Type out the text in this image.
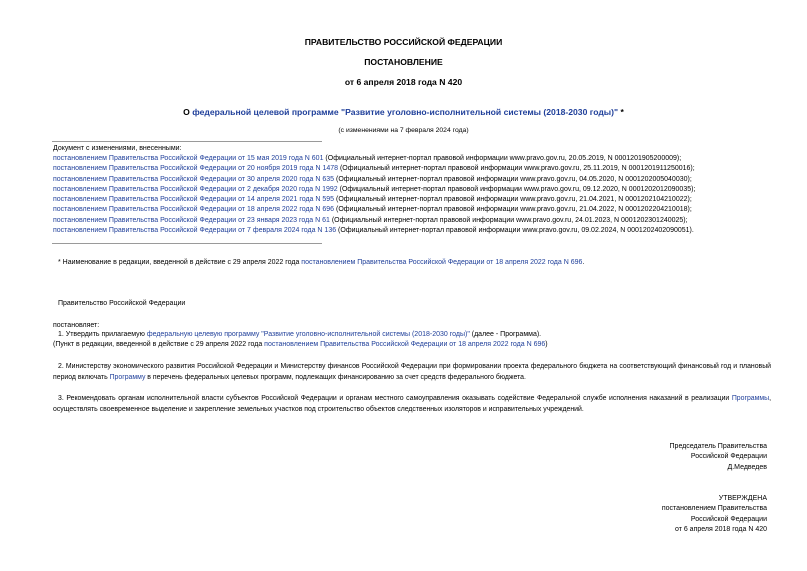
ПРАВИТЕЛЬСТВО РОССИЙСКОЙ ФЕДЕРАЦИИ
ПОСТАНОВЛЕНИЕ
от 6 апреля 2018 года N 420
О федеральной целевой программе "Развитие уголовно-исполнительной системы (2018-2030 годы)" *
(с изменениями на 7 февраля 2024 года)
Документ с изменениями, внесенными:
постановлением Правительства Российской Федерации от 15 мая 2019 года N 601 (Официальный интернет-портал правовой информации www.pravo.gov.ru, 20.05.2019, N 0001201905200009);
постановлением Правительства Российской Федерации от 20 ноября 2019 года N 1478 (Официальный интернет-портал правовой информации www.pravo.gov.ru, 25.11.2019, N 0001201911250016);
постановлением Правительства Российской Федерации от 30 апреля 2020 года N 635 (Официальный интернет-портал правовой информации www.pravo.gov.ru, 04.05.2020, N 0001202005040030);
постановлением Правительства Российской Федерации от 2 декабря 2020 года N 1992 (Официальный интернет-портал правовой информации www.pravo.gov.ru, 09.12.2020, N 0001202012090035);
постановлением Правительства Российской Федерации от 14 апреля 2021 года N 595 (Официальный интернет-портал правовой информации www.pravo.gov.ru, 21.04.2021, N 0001202104210022);
постановлением Правительства Российской Федерации от 18 апреля 2022 года N 696 (Официальный интернет-портал правовой информации www.pravo.gov.ru, 21.04.2022, N 0001202204210018);
постановлением Правительства Российской Федерации от 23 января 2023 года N 61 (Официальный интернет-портал правовой информации www.pravo.gov.ru, 24.01.2023, N 0001202301240025);
постановлением Правительства Российской Федерации от 7 февраля 2024 года N 136 (Официальный интернет-портал правовой информации www.pravo.gov.ru, 09.02.2024, N 0001202402090051).
* Наименование в редакции, введенной в действие с 29 апреля 2022 года постановлением Правительства Российской Федерации от 18 апреля 2022 года N 696.
Правительство Российской Федерации
постановляет:
1. Утвердить прилагаемую федеральную целевую программу "Развитие уголовно-исполнительной системы (2018-2030 годы)" (далее - Программа).
(Пункт в редакции, введенной в действие с 29 апреля 2022 года постановлением Правительства Российской Федерации от 18 апреля 2022 года N 696)
2. Министерству экономического развития Российской Федерации и Министерству финансов Российской Федерации при формировании проекта федерального бюджета на соответствующий финансовый год и плановый период включать Программу в перечень федеральных целевых программ, подлежащих финансированию за счет средств федерального бюджета.
3. Рекомендовать органам исполнительной власти субъектов Российской Федерации и органам местного самоуправления оказывать содействие Федеральной службе исполнения наказаний в реализации Программы, осуществлять своевременное выделение и закрепление земельных участков под строительство объектов следственных изоляторов и исправительных учреждений.
Председатель Правительства
Российской Федерации
Д.Медведев
УТВЕРЖДЕНА
постановлением Правительства
Российской Федерации
от 6 апреля 2018 года N 420
